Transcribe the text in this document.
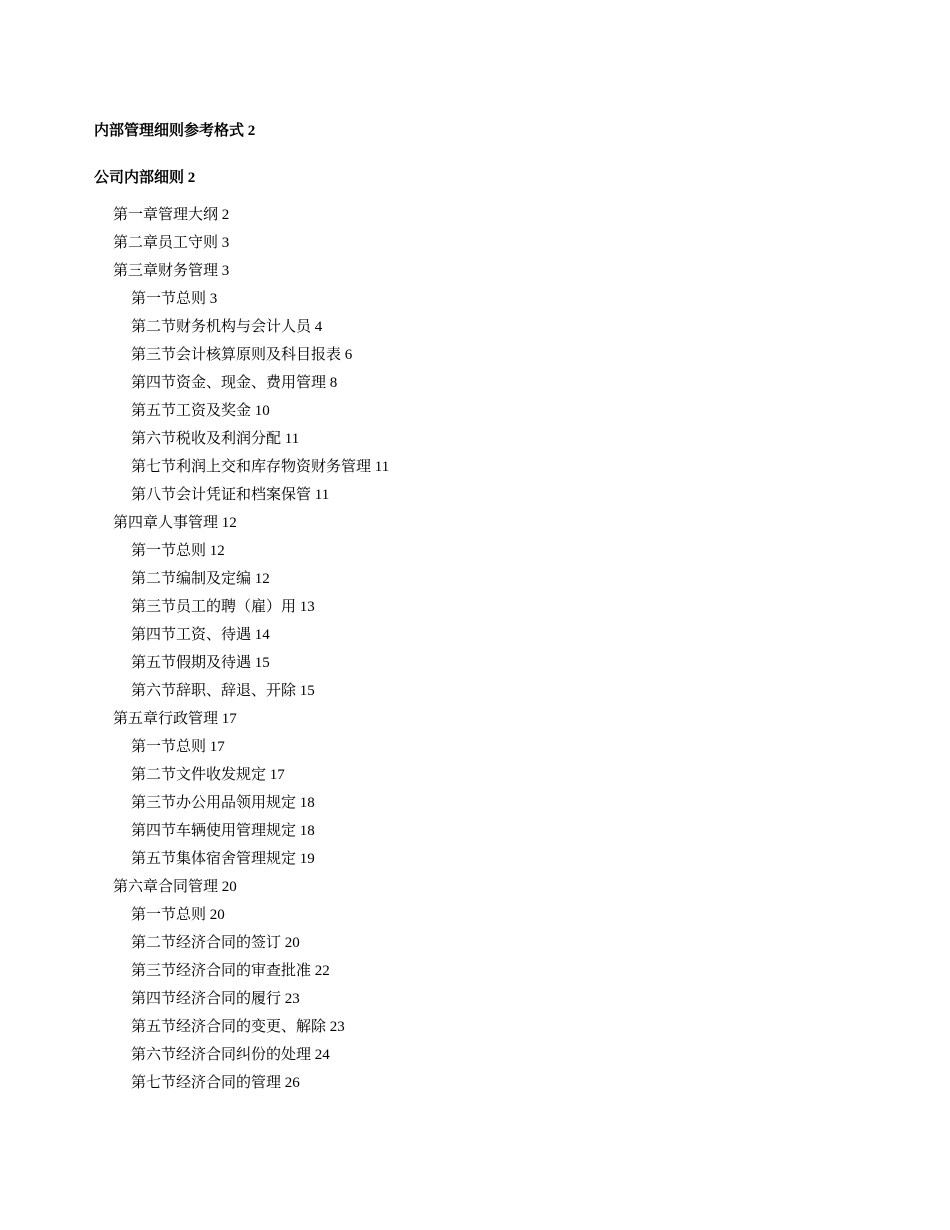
内部管理细则参考格式 2
公司内部细则 2
第一章管理大纲 2
第二章员工守则 3
第三章财务管理 3
第一节总则 3
第二节财务机构与会计人员 4
第三节会计核算原则及科目报表 6
第四节资金、现金、费用管理 8
第五节工资及奖金 10
第六节税收及利润分配 11
第七节利润上交和库存物资财务管理 11
第八节会计凭证和档案保管 11
第四章人事管理 12
第一节总则 12
第二节编制及定编 12
第三节员工的聘（雇）用 13
第四节工资、待遇 14
第五节假期及待遇 15
第六节辞职、辞退、开除 15
第五章行政管理 17
第一节总则 17
第二节文件收发规定 17
第三节办公用品领用规定 18
第四节车辆使用管理规定 18
第五节集体宿舍管理规定 19
第六章合同管理 20
第一节总则 20
第二节经济合同的签订 20
第三节经济合同的审查批准 22
第四节经济合同的履行 23
第五节经济合同的变更、解除 23
第六节经济合同纠份的处理 24
第七节经济合同的管理 26
